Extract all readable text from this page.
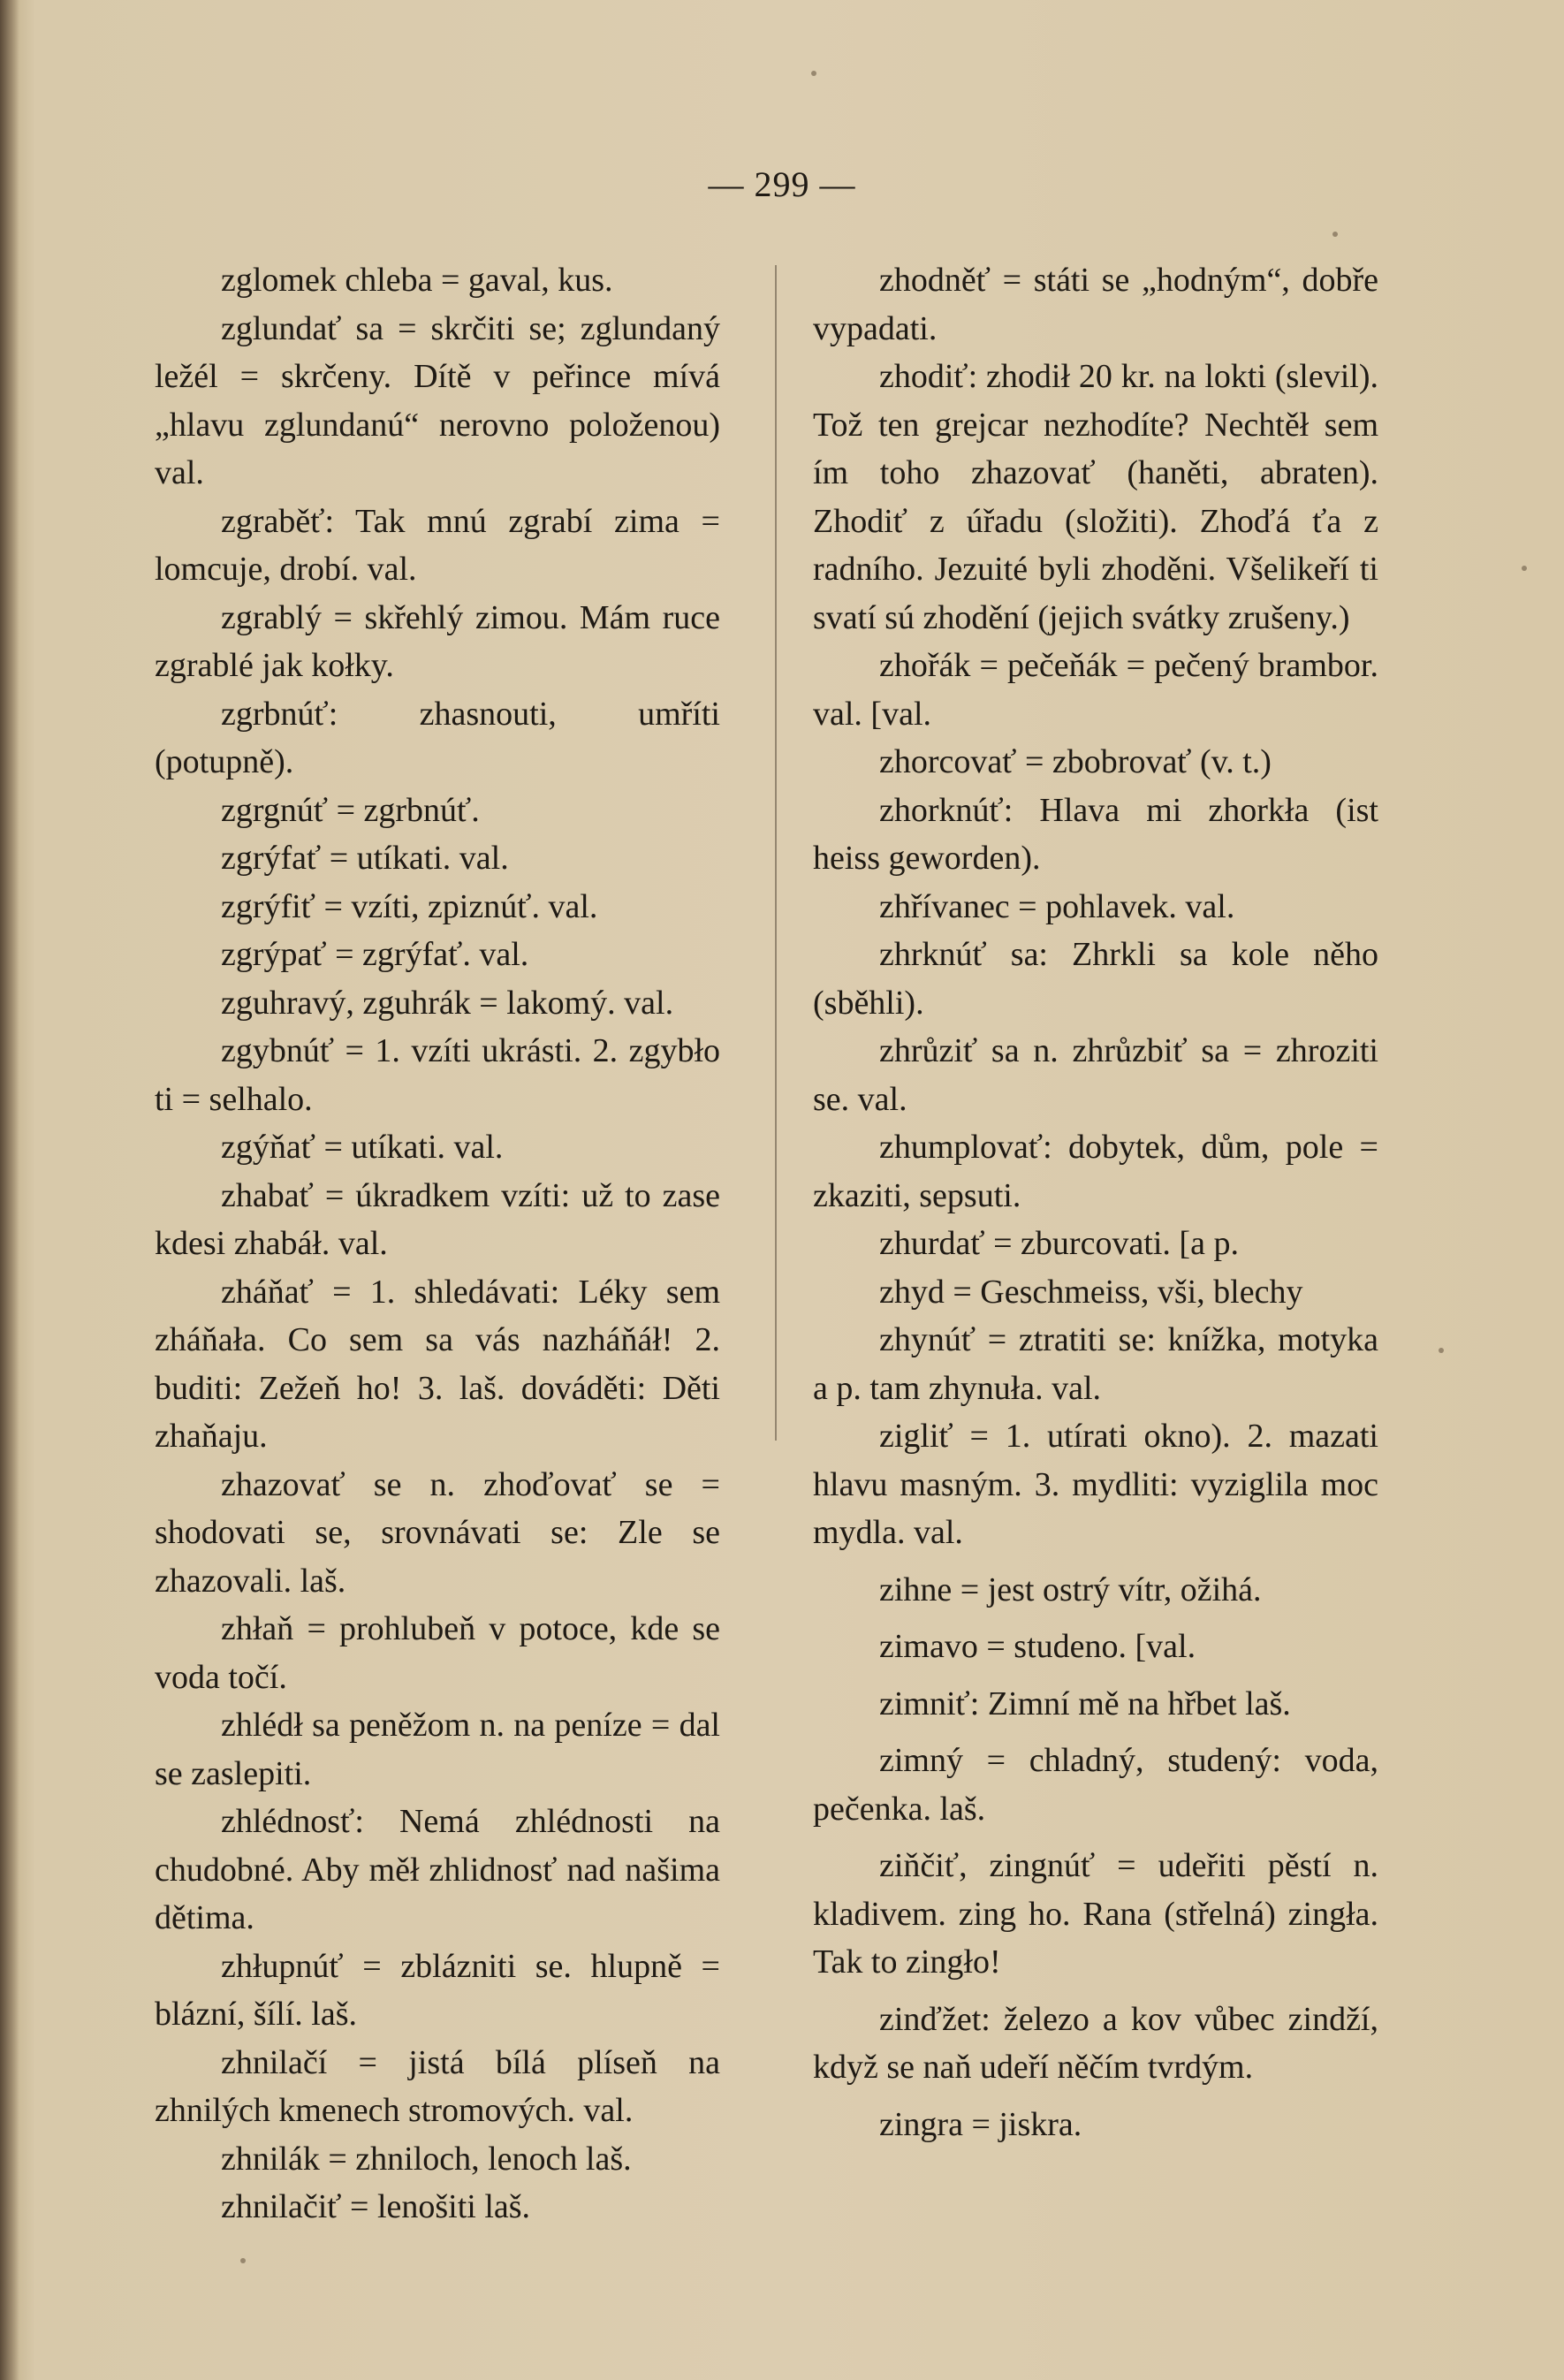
— 299 —

zglomek chleba = gaval, kus.

zglundať sa = skrčiti se; zglundaný ležél = skrčeny. Dítě v peřince mívá „hlavu zglundanú“ nerovno položenou) val.

zgraběť: Tak mnú zgrabí zima = lomcuje, drobí. val.

zgrablý = skřehlý zimou. Mám ruce zgrablé jak kołky.

zgrbnúť: zhasnouti, umříti (potupně).

zgrgnúť = zgrbnúť.

zgrýfať = utíkati. val.

zgrýfiť = vzíti, zpiznúť. val.

zgrýpať = zgrýfať. val.

zguhravý, zguhrák = lakomý. val.

zgybnúť = 1. vzíti ukrásti. 2. zgybło ti = selhalo.

zgýňať = utíkati. val.

zhabať = úkradkem vzíti: už to zase kdesi zhabáł. val.

zháňať = 1. shledávati: Léky sem zháňała. Co sem sa vás nazháňáł! 2. buditi: Zežeň ho! 3. laš. dováděti: Děti zhaňaju.

zhazovať se n. zhoďovať se = shodovati se, srovnávati se: Zle se zhazovali. laš.

zhłaň = prohlubeň v potoce, kde se voda točí.

zhlédł sa peněžom n. na peníze = dal se zaslepiti.

zhlédnosť: Nemá zhlédnosti na chudobné. Aby měł zhlidnosť nad našima dětima.

zhłupnúť = zblázniti se. hlupně = blázní, šílí. laš.

zhnilačí = jistá bílá plíseň na zhnilých kmenech stromových. val.

zhnilák = zhniloch, lenoch laš.

zhnilačiť = lenošiti laš.

zhodněť = státi se „hodným“, dobře vypadati.

zhodiť: zhodił 20 kr. na lokti (slevil). Tož ten grejcar nezhodíte? Nechtěł sem ím toho zhazovať (haněti, abraten). Zhodiť z úřadu (složiti). Zhoďá ťa z radního. Jezuité byli zhoděni. Všelikeří ti svatí sú zhodění (jejich svátky zrušeny.)

zhořák = pečeňák = pečený brambor. val. [val.

zhorcovať = zbobrovať (v. t.)

zhorknúť: Hlava mi zhorkła (ist heiss geworden).

zhřívanec = pohlavek. val.

zhrknúť sa: Zhrkli sa kole něho (sběhli).

zhrůziť sa n. zhrůzbiť sa = zhroziti se. val.

zhumplovať: dobytek, dům, pole = zkaziti, sepsuti.

zhurdať = zburcovati. [a p.

zhyd = Geschmeiss, vši, blechy

zhynúť = ztratiti se: knížka, motyka a p. tam zhynuła. val.

zigliť = 1. utírati okno). 2. mazati hlavu masným. 3. mydliti: vyziglila moc mydla. val.

zihne = jest ostrý vítr, ožihá.

zimavo = studeno. [val.

zimniť: Zimní mě na hřbet laš.

zimný = chladný, studený: voda, pečenka. laš.

ziňčiť, zingnúť = udeřiti pěstí n. kladivem. zing ho. Rana (střelná) zingła. Tak to zingło!

zinďžet: železo a kov vůbec zindží, když se naň udeří něčím tvrdým.

zingra = jiskra.
